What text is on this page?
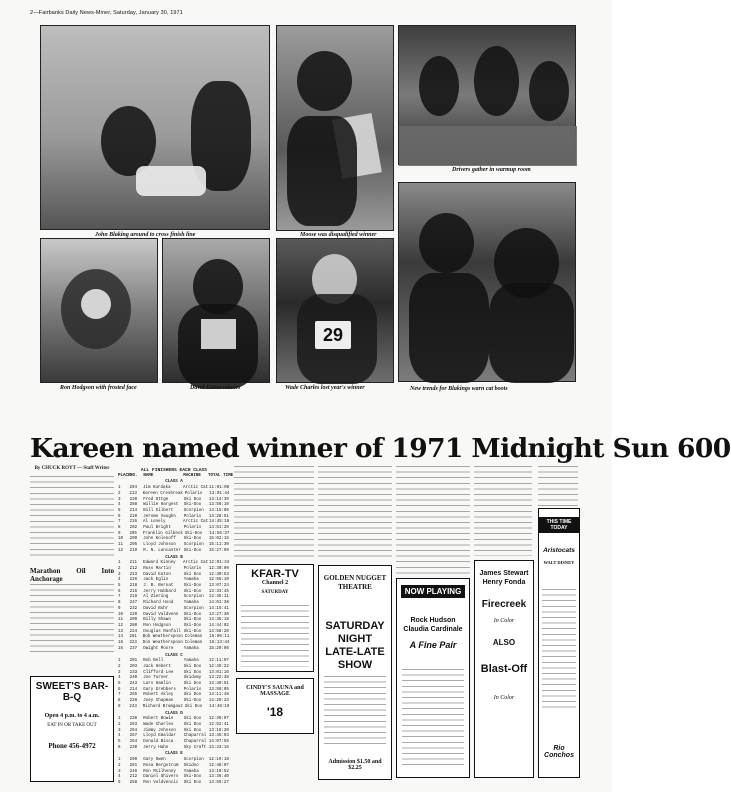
2—Fairbanks Daily News-Miner, Saturday, January 30, 1971
John Blaking around to cross finish line	Moose was disqualified winner
Drivers gather in warmup room
Ron Hodgson with frosted face	David Eaton relaxes
29
Wade Charles lost year's winner	New trends for Blakings warn cat boots
Kareen named winner of 1971 Midnight Sun 600
By CHUCK ROYT — Staff Writer
Marathon Oil Into Anchorage
SWEET'S BAR-B-Q
Open 4 p.m. to 4 a.m.
EAT IN OR TAKE OUT
Phone 456-4972
ALL FINISHERS EACH CLASS
PLACE NO.	NAME	MACHINE	TOTAL TIME
CLASS A
1	204	Jim Kurdaka	Arctic Cat 11:01:08
2	213	Kareen Cresbreak Polaris	13:01:44
3	220	Fred Ottge	Ski Doo	13:14:39
4	288	Willie Hargest	Ski-Doo	13:56:10
5	214	Bill Gilbert	Scorpion	14:15:06
6	210	Jerome Vaughn	Polaris	14:28:51
7	216	Al Lonely	Arctic Cat 14:45:18
8	202	Paul Bright	Polaris	14:51:20
9	205	Franklin Gilbeck Ski-Doo	14:56:37
10	209	John Kolenoff	Ski-Doo	15:02:15
11	205	Lloyd Johnson	Scorpion	15:11:30
12	219	R. N. Lancaster Ski-Doo	15:27:09
CLASS B
1	211	Edward Kinney	Arctic Cat 12:01:34
2	212	Russ Martin	Polaris	12:30:09
3	213	David Eaton	Ski Doo	12:30:53
4	226	Jack Eglin	Yamaha	12:55:10
5	218	J. B. Bernat	Ski-Doo	13:07:24
6	215	Jerry Hubbard	Ski-Doo	13:33:45
7	219	Al Ziering	Scorpion	13:45:11
8	247	Richard Hood	Yamaha	14:01:38
9	232	David Buhr	Scorpion	14:15:41
10	229	David Valdvenn	Ski-Doo	14:27:30
11	209	Billy Shawn	Ski-Doo	14:36:18
12	280	Ron Hodgson	Ski-Doo	14:44:02
13	224	Douglas Ranfall Ski-Doo	14:58:20
14	261	Bob Weatherspoon Coleman	15:06:11
15	223	Don Weatherspoon Coleman	15:13:44
16	237	Dwight Moore	Yamaha	15:29:06
CLASS C
1	201	Bob Bell	Yamaha	12:11:07
2	203	Jack Hebert	Ski Doo	12:45:22
3	233	Clifford Lee	Ski Doo	13:01:16
4	240	Joe Turner	Skidomy	13:22:38
5	243	Lars Hamlin	Ski Doo	13:40:51
6	214	Gary Grebbers	Polaris	13:59:05
7	265	Robert Akley	Ski Doo	14:11:48
8	228	Joey Chapman	Ski-Doo	14:29:33
9	243	Richard Brumgauz Ski Doo	14:48:19
CLASS D
1	236	Robert Bowie	Ski Doo	12:30:07
2	263	Wade Charles	Ski Doo	12:52:41
3	264	Jimmy Johnson	Ski Doo	13:18:20
4	257	Lloyd Emaldar	Chaparral 13:45:03
5	264	Donald Bisca	Chaparral 14:07:55
6	230	Jerry Hahn	Sky Craft 14:33:16
CLASS E
1	290	Gary Owen	Scorpion	12:19:18
2	281	Rosa Bergstrum	Skidoo	12:48:07
3	246	Ron Mcilhenny	Yamaha	13:10:52
4	212	Daniel Shivers	Ski-Doo	13:36:40
5	258	Ron Valdvencic	Ski Doo	13:59:27
KFAR-TV
Channel 2
SATURDAY
CINDY'S SAUNA and MASSAGE
'18
GOLDEN NUGGET THEATRE
SATURDAY NIGHT LATE-LATE SHOW
Admission $1.50 and $2.25
NOW PLAYING
Rock Hudson Claudia Cardinale
A Fine Pair
James Stewart Henry Fonda
Firecreek
In Color
ALSO
Blast-Off
In Color
THIS TIME TODAY
Aristocats
WALT DISNEY
Rio Conchos
